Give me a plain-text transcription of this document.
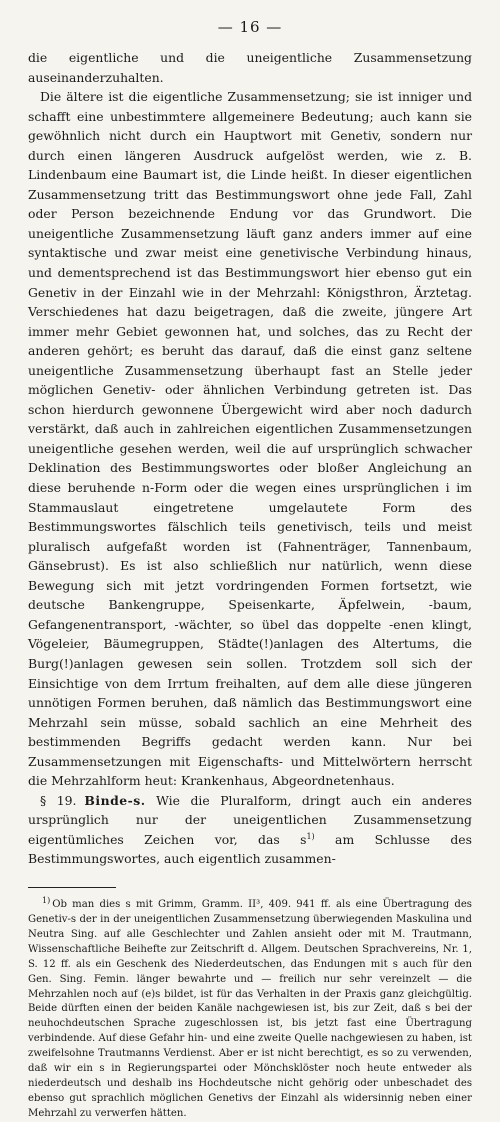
— 16 —

die eigentliche und die uneigentliche Zusammensetzung auseinanderzuhalten.

Die ältere ist die eigentliche Zusammensetzung; sie ist inniger und schafft eine unbestimmtere allgemeinere Bedeutung; auch kann sie gewöhnlich nicht durch ein Hauptwort mit Genetiv, sondern nur durch einen längeren Ausdruck aufgelöst werden, wie z. B. Lindenbaum eine Baumart ist, die Linde heißt. In dieser eigentlichen Zusammensetzung tritt das Bestimmungswort ohne jede Fall, Zahl oder Person bezeichnende Endung vor das Grundwort. Die uneigentliche Zusammensetzung läuft ganz anders immer auf eine syntaktische und zwar meist eine genetivische Verbindung hinaus, und dementsprechend ist das Bestimmungswort hier ebenso gut ein Genetiv in der Einzahl wie in der Mehrzahl: Königsthron, Ärztetag. Verschiedenes hat dazu beigetragen, daß die zweite, jüngere Art immer mehr Gebiet gewonnen hat, und solches, das zu Recht der anderen gehört; es beruht das darauf, daß die einst ganz seltene uneigentliche Zusammensetzung überhaupt fast an Stelle jeder möglichen Genetiv- oder ähnlichen Verbindung getreten ist. Das schon hierdurch gewonnene Übergewicht wird aber noch dadurch verstärkt, daß auch in zahlreichen eigentlichen Zusammensetzungen uneigentliche gesehen werden, weil die auf ursprünglich schwacher Deklination des Bestimmungswortes oder bloßer Angleichung an diese beruhende n-Form oder die wegen eines ursprünglichen i im Stammauslaut eingetretene umgelautete Form des Bestimmungswortes fälschlich teils genetivisch, teils und meist pluralisch aufgefaßt worden ist (Fahnenträger, Tannenbaum, Gänsebrust). Es ist also schließlich nur natürlich, wenn diese Bewegung sich mit jetzt vordringenden Formen fortsetzt, wie deutsche Bankengruppe, Speisenkarte, Äpfelwein, -baum, Gefangenentransport, -wächter, so übel das doppelte -enen klingt, Vögeleier, Bäumegruppen, Städte(!)anlagen des Altertums, die Burg(!)anlagen gewesen sein sollen. Trotzdem soll sich der Einsichtige von dem Irrtum freihalten, auf dem alle diese jüngeren unnötigen Formen beruhen, daß nämlich das Bestimmungswort eine Mehrzahl sein müsse, sobald sachlich an eine Mehrheit des bestimmenden Begriffs gedacht werden kann. Nur bei Zusammensetzungen mit Eigenschafts- und Mittelwörtern herrscht die Mehrzahlform heut: Krankenhaus, Abgeordnetenhaus.

§ 19. Binde-s. Wie die Pluralform, dringt auch ein anderes ursprünglich nur der uneigentlichen Zusammensetzung eigentümliches Zeichen vor, das $s^{1)}$ am Schlusse des Bestimmungswortes, auch eigentlich zusammen-

$^{1)}$ Ob man dies s mit Grimm, Gramm. II³, 409. 941 ff. als eine Übertragung des Genetiv-s der in der uneigentlichen Zusammensetzung überwiegenden Maskulina und Neutra Sing. auf alle Geschlechter und Zahlen ansieht oder mit M. Trautmann, Wissenschaftliche Beihefte zur Zeitschrift d. Allgem. Deutschen Sprachvereins, Nr. 1, S. 12 ff. als ein Geschenk des Niederdeutschen, das Endungen mit s auch für den Gen. Sing. Femin. länger bewahrte und — freilich nur sehr vereinzelt — die Mehrzahlen noch auf (e)s bildet, ist für das Verhalten in der Praxis ganz gleichgültig. Beide dürften einen der beiden Kanäle nachgewiesen ist, bis zur Zeit, daß s bei der neuhochdeutschen Sprache zugeschlossen ist, bis jetzt fast eine Übertragung verbindende. Auf diese Gefahr hin- und eine zweite Quelle nachgewiesen zu haben, ist zweifelsohne Trautmanns Verdienst. Aber er ist nicht berechtigt, es so zu verwenden, daß wir ein s in Regierungspartei oder Mönchsklöster noch heute entweder als niederdeutsch und deshalb ins Hochdeutsche nicht gehörig oder unbeschadet des ebenso gut sprachlich möglichen Genetivs der Einzahl als widersinnig neben einer Mehrzahl zu verwerfen hätten.
